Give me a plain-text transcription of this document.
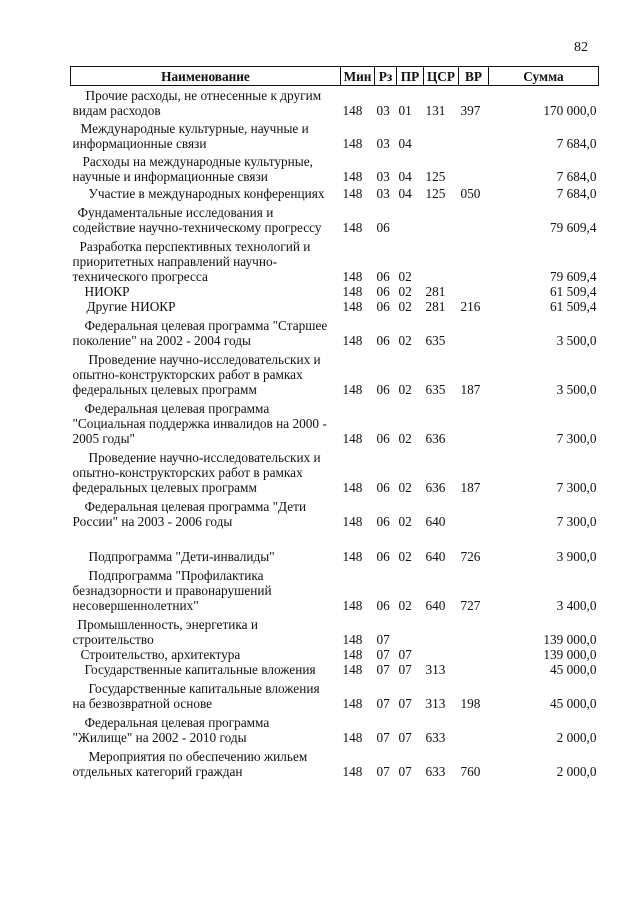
82
Наименование	Мин	Рз	ПР	ЦСР	ВР	Сумма

Прочие расходы, не отнесенные к другим
видам расходов	148	03	01	131	397	170 000,0

Международные культурные, научные и
информационные связи	148	03	04			7 684,0

Расходы на международные культурные,
научные и информационные связи	148	03	04	125		7 684,0

Участие в международных конференциях	148	03	04	125	050	7 684,0

Фундаментальные исследования и
содействие научно-техническому прогрессу	148	06				79 609,4

Разработка перспективных технологий и
приоритетных направлений научно-
технического прогресса	148	06	02			79 609,4

НИОКР	148	06	02	281		61 509,4

Другие НИОКР	148	06	02	281	216	61 509,4

Федеральная целевая программа "Старшее
поколение" на 2002 - 2004 годы	148	06	02	635		3 500,0

Проведение научно-исследовательских и
опытно-конструкторских работ в рамках
федеральных целевых программ	148	06	02	635	187	3 500,0

Федеральная целевая программа
"Социальная поддержка инвалидов на 2000 -
2005 годы"	148	06	02	636		7 300,0

Проведение научно-исследовательских и
опытно-конструкторских работ в рамках
федеральных целевых программ	148	06	02	636	187	7 300,0

Федеральная целевая программа "Дети
России" на 2003 - 2006 годы	148	06	02	640		7 300,0

Подпрограмма "Дети-инвалиды"	148	06	02	640	726	3 900,0

Подпрограмма "Профилактика
безнадзорности и правонарушений
несовершеннолетних"	148	06	02	640	727	3 400,0

Промышленность, энергетика и
строительство	148	07				139 000,0

Строительство, архитектура	148	07	07			139 000,0

Государственные капитальные вложения	148	07	07	313		45 000,0

Государственные капитальные вложения
на безвозвратной основе	148	07	07	313	198	45 000,0

Федеральная целевая программа
"Жилище" на 2002 - 2010 годы	148	07	07	633		2 000,0

Мероприятия по обеспечению жильем
отдельных категорий граждан	148	07	07	633	760	2 000,0
